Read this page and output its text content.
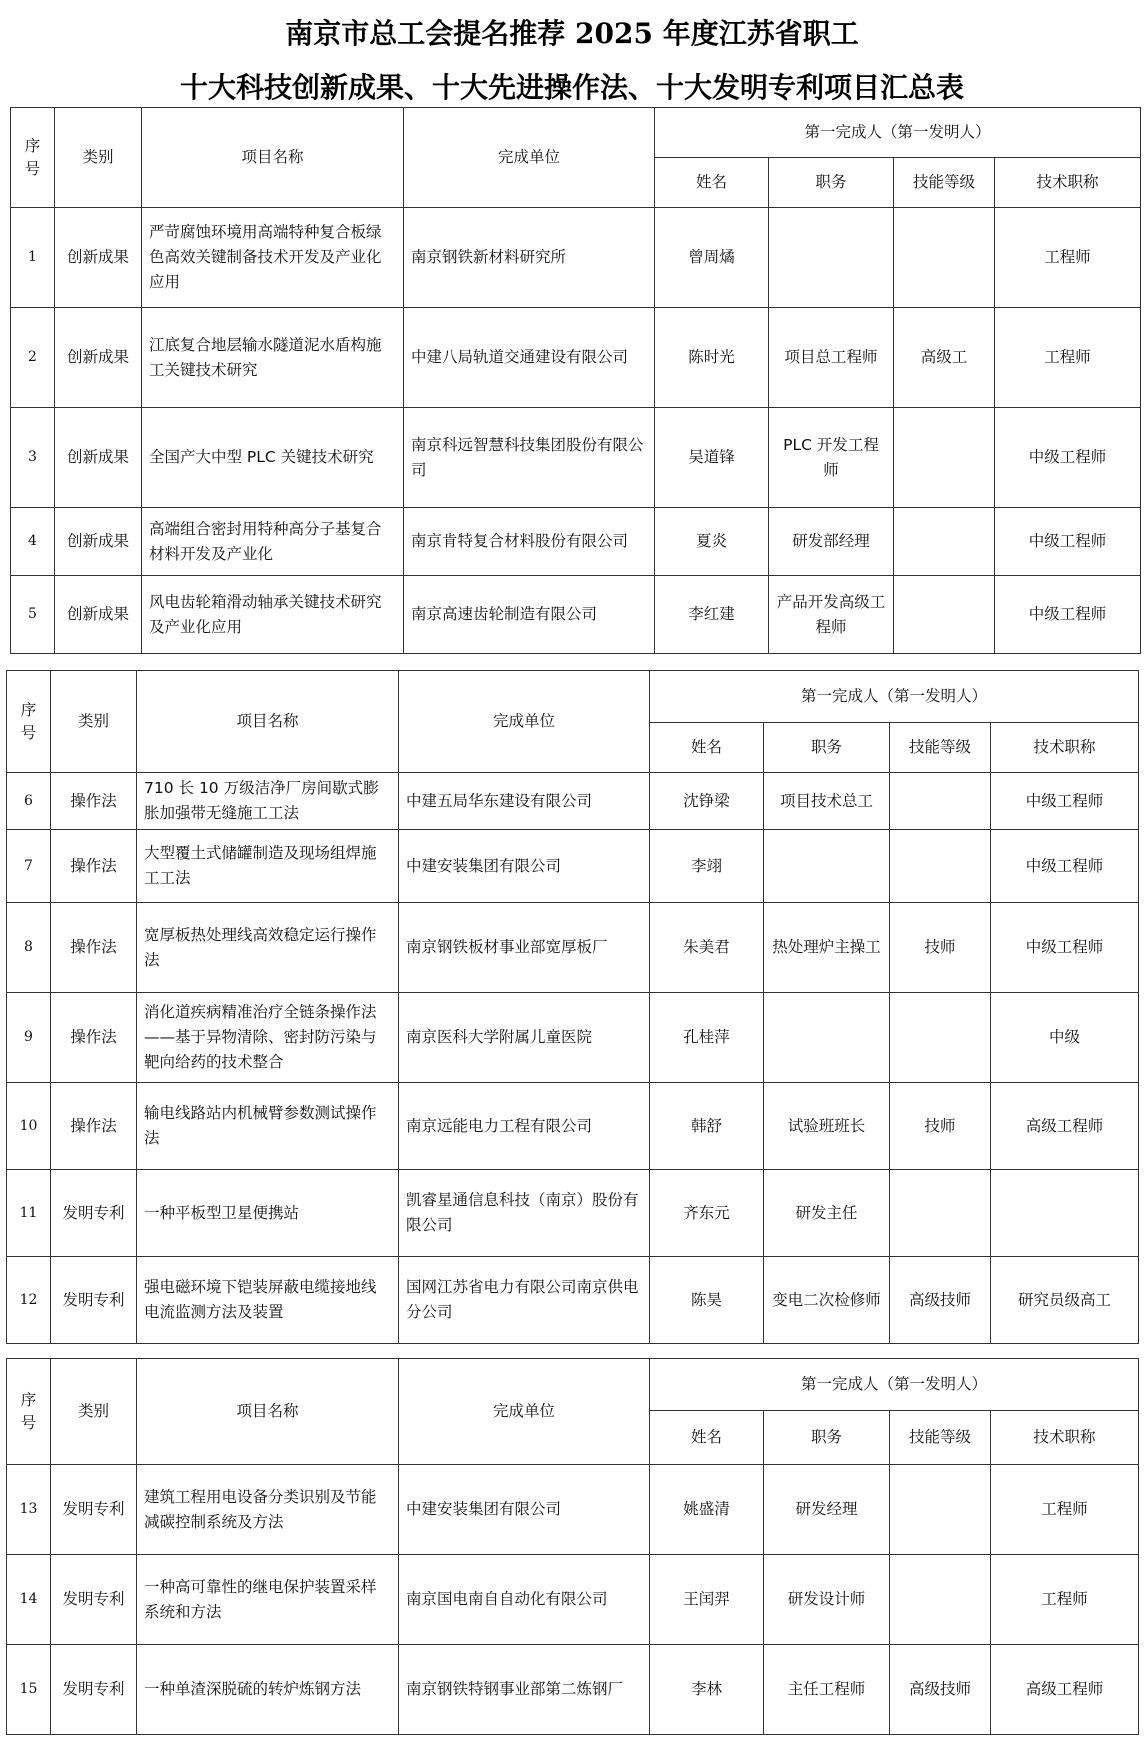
南京市总工会提名推荐 2025 年度江苏省职工
十大科技创新成果、十大先进操作法、十大发明专利项目汇总表
序号	类别	项目名称	完成单位	第一完成人（第一发明人）			
				姓名	职务	技能等级	技术职称
1	创新成果	严苛腐蚀环境用高端特种复合板绿色高效关键制备技术开发及产业化应用	南京钢铁新材料研究所	曾周燏			工程师
2	创新成果	江底复合地层输水隧道泥水盾构施工关键技术研究	中建八局轨道交通建设有限公司	陈时光	项目总工程师	高级工	工程师
3	创新成果	全国产大中型 PLC 关键技术研究	南京科远智慧科技集团股份有限公司	吴道锋	PLC 开发工程师		中级工程师
4	创新成果	高端组合密封用特种高分子基复合材料开发及产业化	南京肯特复合材料股份有限公司	夏炎	研发部经理		中级工程师
5	创新成果	风电齿轮箱滑动轴承关键技术研究及产业化应用	南京高速齿轮制造有限公司	李红建	产品开发高级工程师		中级工程师
序号	类别	项目名称	完成单位	第一完成人（第一发明人）			
				姓名	职务	技能等级	技术职称
6	操作法	710 长 10 万级洁净厂房间歇式膨胀加强带无缝施工工法	中建五局华东建设有限公司	沈铮梁	项目技术总工		中级工程师
7	操作法	大型覆土式储罐制造及现场组焊施工工法	中建安装集团有限公司	李翊			中级工程师
8	操作法	宽厚板热处理线高效稳定运行操作法	南京钢铁板材事业部宽厚板厂	朱美君	热处理炉主操工	技师	中级工程师
9	操作法	消化道疾病精准治疗全链条操作法——基于异物清除、密封防污染与靶向给药的技术整合	南京医科大学附属儿童医院	孔桂萍			中级
10	操作法	输电线路站内机械臂参数测试操作法	南京远能电力工程有限公司	韩舒	试验班班长	技师	高级工程师
11	发明专利	一种平板型卫星便携站	凯睿星通信息科技（南京）股份有限公司	齐东元	研发主任		
12	发明专利	强电磁环境下铠装屏蔽电缆接地线电流监测方法及装置	国网江苏省电力有限公司南京供电分公司	陈昊	变电二次检修师	高级技师	研究员级高工
序号	类别	项目名称	完成单位	第一完成人（第一发明人）			
				姓名	职务	技能等级	技术职称
13	发明专利	建筑工程用电设备分类识别及节能减碳控制系统及方法	中建安装集团有限公司	姚盛清	研发经理		工程师
14	发明专利	一种高可靠性的继电保护装置采样系统和方法	南京国电南自自动化有限公司	王闰羿	研发设计师		工程师
15	发明专利	一种单渣深脱硫的转炉炼钢方法	南京钢铁特钢事业部第二炼钢厂	李林	主任工程师	高级技师	高级工程师
